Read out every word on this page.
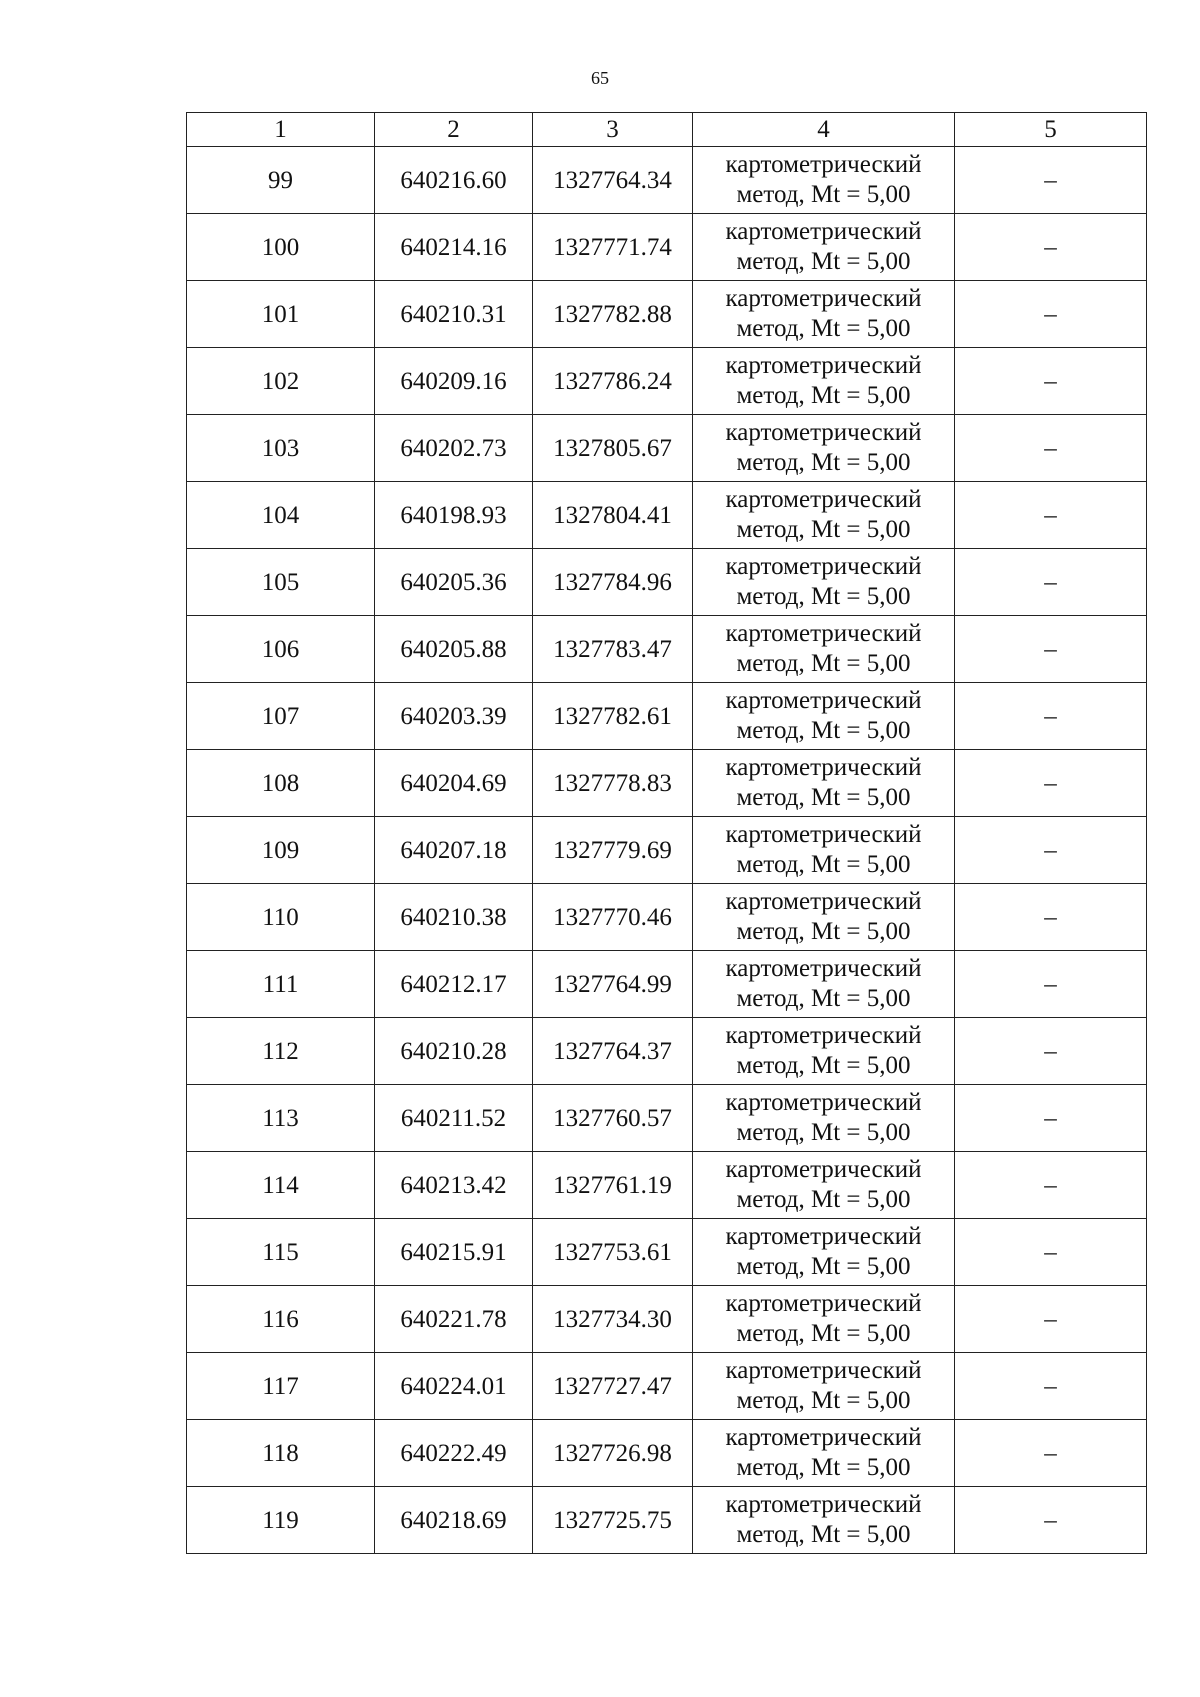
65
1	2	3	4	5
99	640216.60	1327764.34	картометрический
метод, Mt = 5,00	–
100	640214.16	1327771.74	картометрический
метод, Mt = 5,00	–
101	640210.31	1327782.88	картометрический
метод, Mt = 5,00	–
102	640209.16	1327786.24	картометрический
метод, Mt = 5,00	–
103	640202.73	1327805.67	картометрический
метод, Mt = 5,00	–
104	640198.93	1327804.41	картометрический
метод, Mt = 5,00	–
105	640205.36	1327784.96	картометрический
метод, Mt = 5,00	–
106	640205.88	1327783.47	картометрический
метод, Mt = 5,00	–
107	640203.39	1327782.61	картометрический
метод, Mt = 5,00	–
108	640204.69	1327778.83	картометрический
метод, Mt = 5,00	–
109	640207.18	1327779.69	картометрический
метод, Mt = 5,00	–
110	640210.38	1327770.46	картометрический
метод, Mt = 5,00	–
111	640212.17	1327764.99	картометрический
метод, Mt = 5,00	–
112	640210.28	1327764.37	картометрический
метод, Mt = 5,00	–
113	640211.52	1327760.57	картометрический
метод, Mt = 5,00	–
114	640213.42	1327761.19	картометрический
метод, Mt = 5,00	–
115	640215.91	1327753.61	картометрический
метод, Mt = 5,00	–
116	640221.78	1327734.30	картометрический
метод, Mt = 5,00	–
117	640224.01	1327727.47	картометрический
метод, Mt = 5,00	–
118	640222.49	1327726.98	картометрический
метод, Mt = 5,00	–
119	640218.69	1327725.75	картометрический
метод, Mt = 5,00	–
